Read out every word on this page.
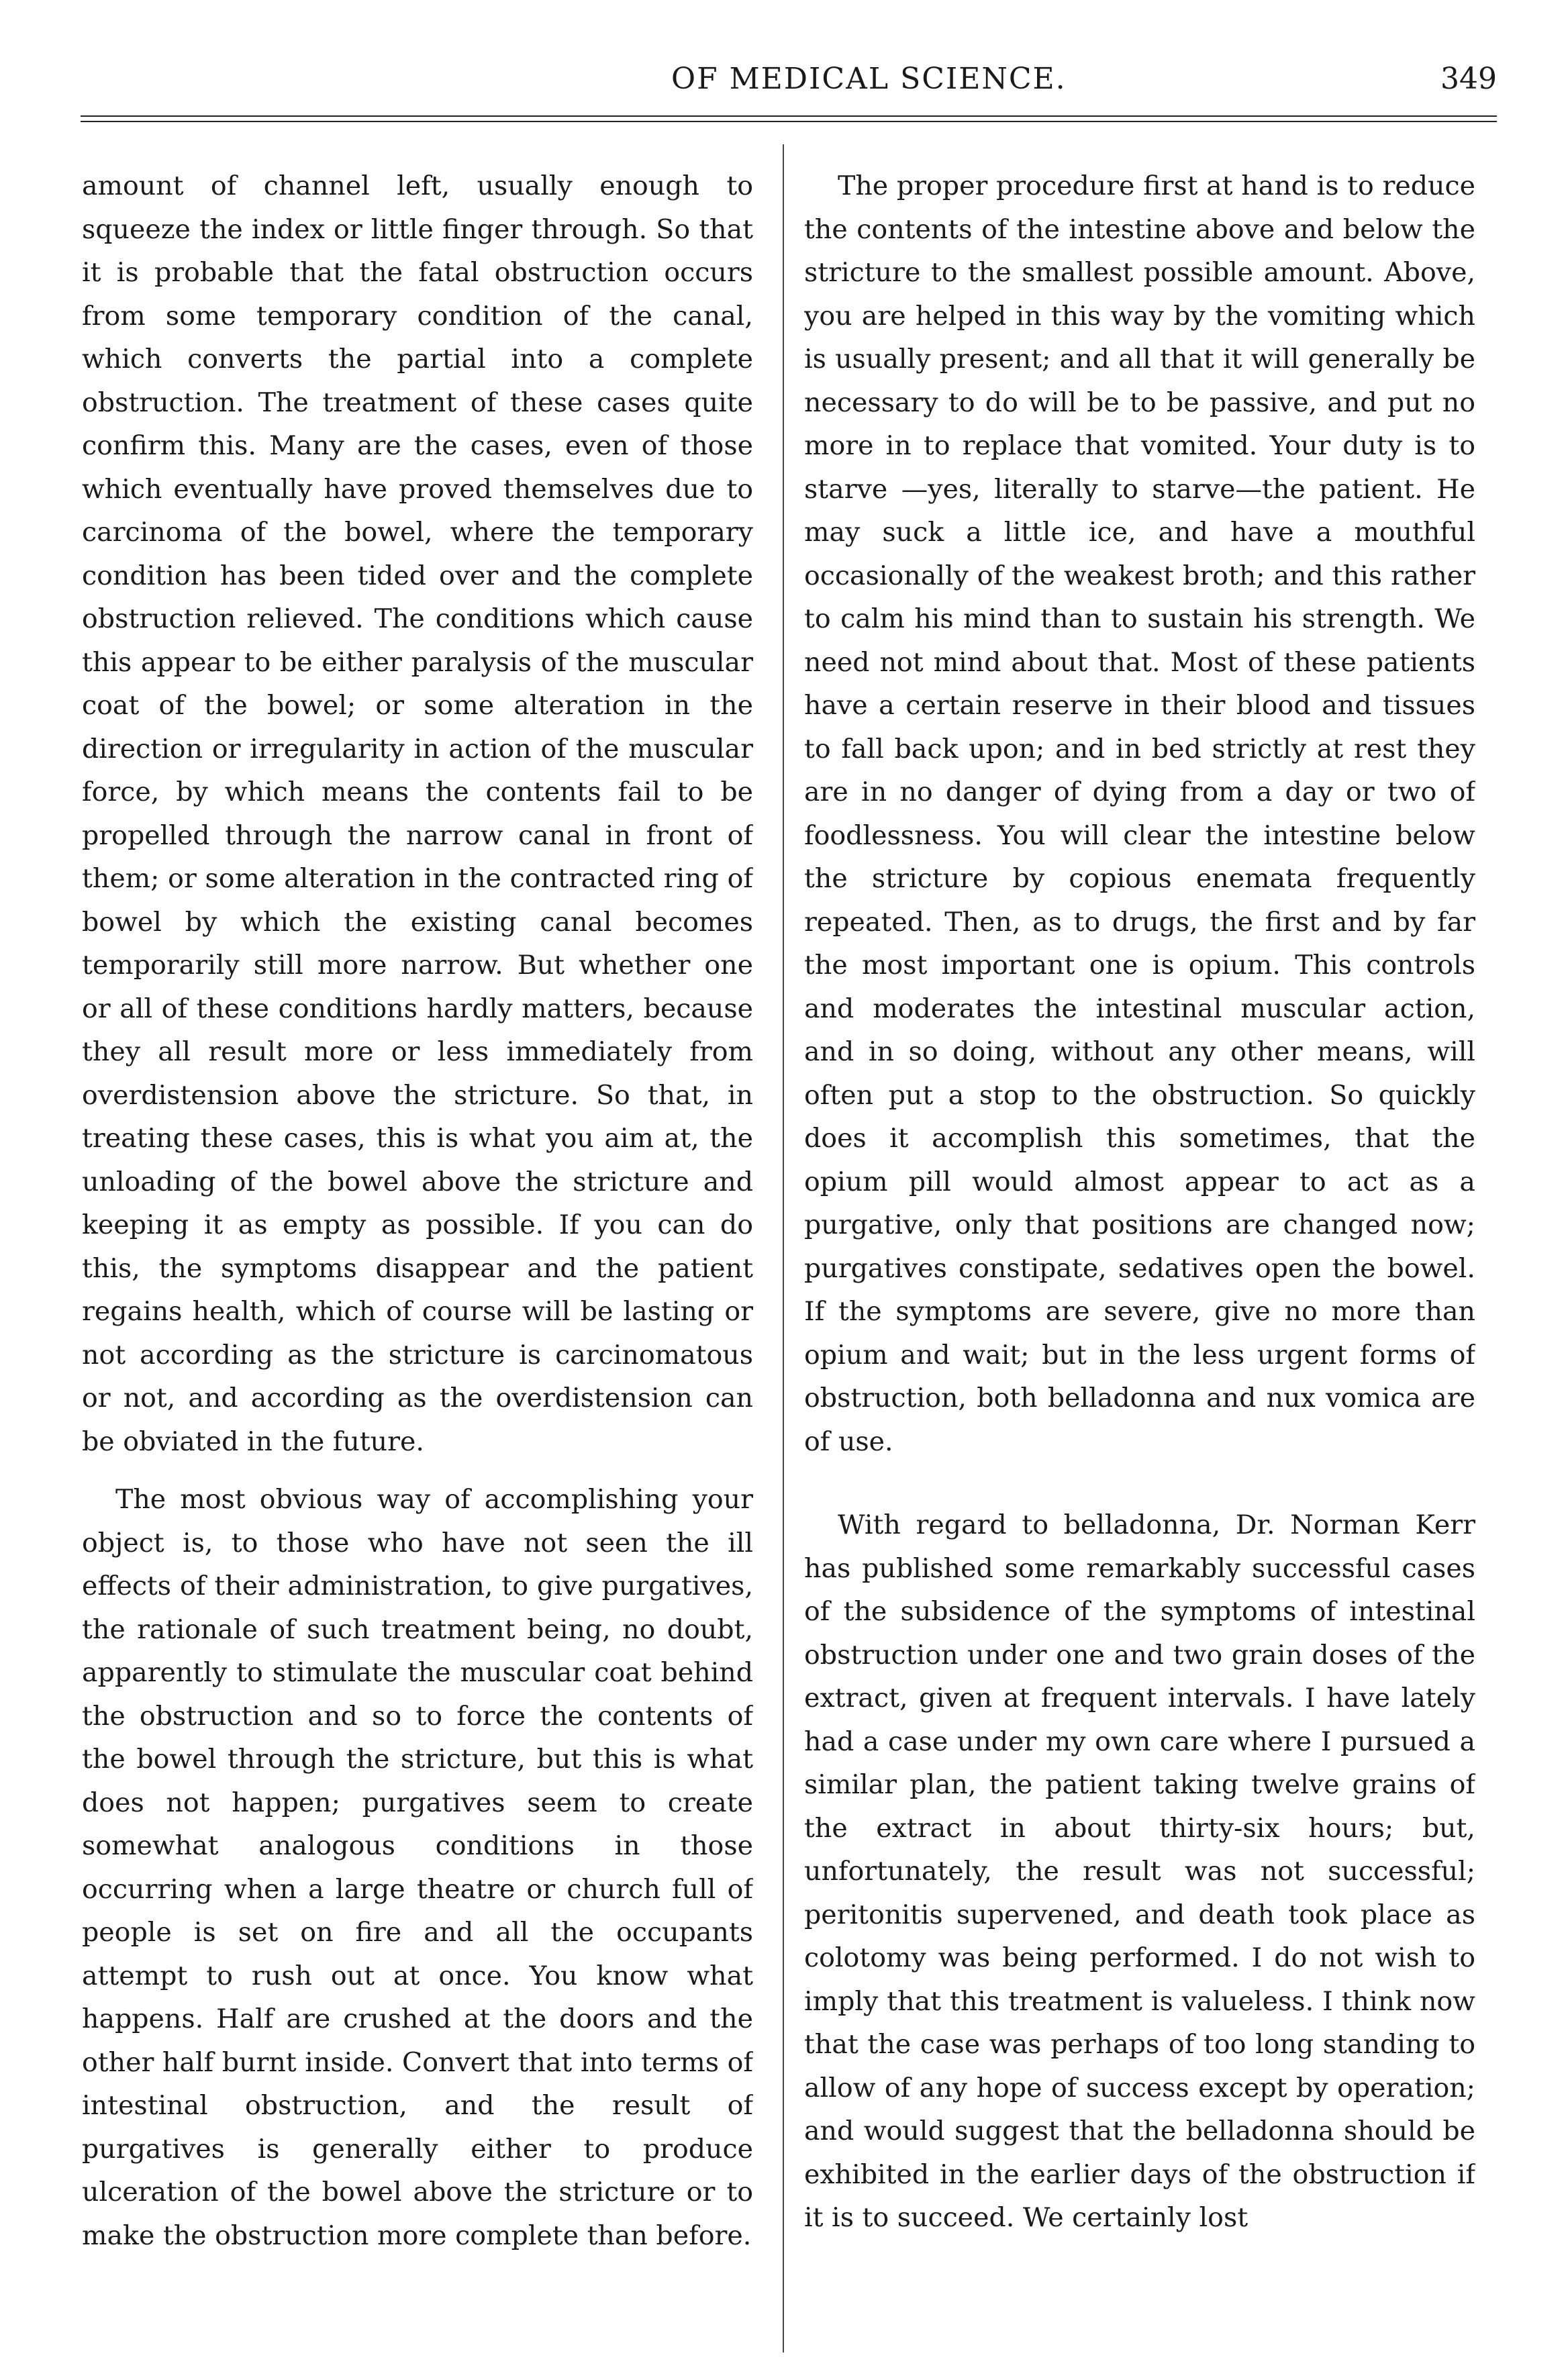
OF MEDICAL SCIENCE.	349

amount of channel left, usually enough to squeeze the index or little finger through. So that it is probable that the fatal obstruction occurs from some temporary condition of the canal, which converts the partial into a complete obstruction. The treatment of these cases quite confirm this. Many are the cases, even of those which eventually have proved themselves due to carcinoma of the bowel, where the temporary condition has been tided over and the complete obstruction relieved. The conditions which cause this appear to be either paralysis of the muscular coat of the bowel; or some alteration in the direction or irregularity in action of the muscular force, by which means the contents fail to be propelled through the narrow canal in front of them; or some alteration in the contracted ring of bowel by which the existing canal becomes temporarily still more narrow. But whether one or all of these conditions hardly matters, because they all result more or less immediately from overdistension above the stricture. So that, in treating these cases, this is what you aim at, the unloading of the bowel above the stricture and keeping it as empty as possible. If you can do this, the symptoms disappear and the patient regains health, which of course will be lasting or not according as the stricture is carcinomatous or not, and according as the overdistension can be obviated in the future.

The most obvious way of accomplishing your object is, to those who have not seen the ill effects of their administration, to give purgatives, the rationale of such treatment being, no doubt, apparently to stimulate the muscular coat behind the obstruction and so to force the contents of the bowel through the stricture, but this is what does not happen; purgatives seem to create somewhat analogous conditions in those occurring when a large theatre or church full of people is set on fire and all the occupants attempt to rush out at once. You know what happens. Half are crushed at the doors and the other half burnt inside. Convert that into terms of intestinal obstruction, and the result of purgatives is generally either to produce ulceration of the bowel above the stricture or to make the obstruction more complete than before.

The proper procedure first at hand is to reduce the contents of the intestine above and below the stricture to the smallest possible amount. Above, you are helped in this way by the vomiting which is usually present; and all that it will generally be necessary to do will be to be passive, and put no more in to replace that vomited. Your duty is to starve —yes, literally to starve—the patient. He may suck a little ice, and have a mouthful occasionally of the weakest broth; and this rather to calm his mind than to sustain his strength. We need not mind about that. Most of these patients have a certain reserve in their blood and tissues to fall back upon; and in bed strictly at rest they are in no danger of dying from a day or two of foodlessness. You will clear the intestine below the stricture by copious enemata frequently repeated. Then, as to drugs, the first and by far the most important one is opium. This controls and moderates the intestinal muscular action, and in so doing, without any other means, will often put a stop to the obstruction. So quickly does it accomplish this sometimes, that the opium pill would almost appear to act as a purgative, only that positions are changed now; purgatives constipate, sedatives open the bowel. If the symptoms are severe, give no more than opium and wait; but in the less urgent forms of obstruction, both belladonna and nux vomica are of use.

With regard to belladonna, Dr. Norman Kerr has published some remarkably successful cases of the subsidence of the symptoms of intestinal obstruction under one and two grain doses of the extract, given at frequent intervals. I have lately had a case under my own care where I pursued a similar plan, the patient taking twelve grains of the extract in about thirty-six hours; but, unfortunately, the result was not successful; peritonitis supervened, and death took place as colotomy was being performed. I do not wish to imply that this treatment is valueless. I think now that the case was perhaps of too long standing to allow of any hope of success except by operation; and would suggest that the belladonna should be exhibited in the earlier days of the obstruction if it is to succeed. We certainly lost
